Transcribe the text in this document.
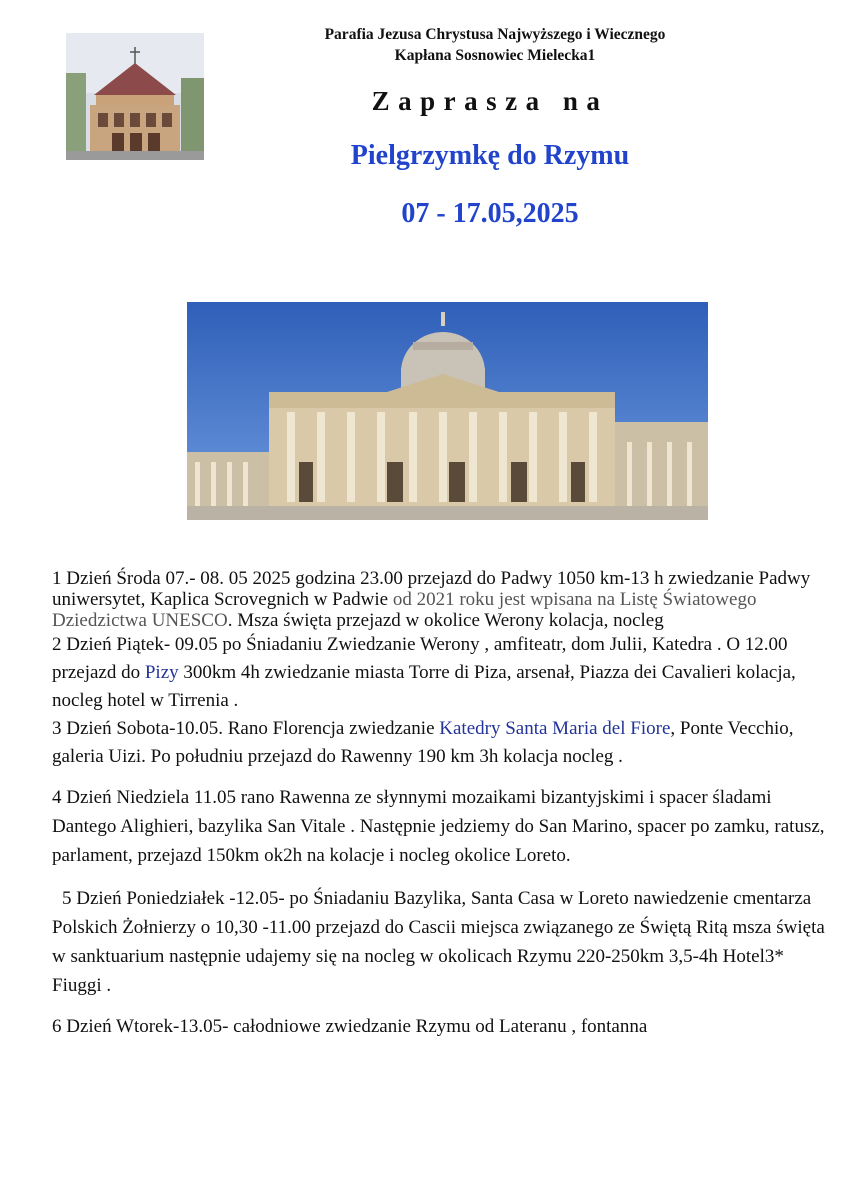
Parafia Jezusa Chrystusa Najwyższego i Wiecznego
Kapłana Sosnowiec Mielecka1
Zaprasza na
Pielgrzymkę do Rzymu
07 - 17.05,2025

1 Dzień Środa 07.- 08. 05 2025 godzina 23.00 przejazd do Padwy 1050 km-13 h zwiedzanie Padwy uniwersytet, Kaplica Scrovegnich w Padwie od 2021 roku jest wpisana na Listę Światowego Dziedzictwa UNESCO. Msza święta przejazd w okolice Werony kolacja, nocleg

2 Dzień Piątek- 09.05 po Śniadaniu Zwiedzanie Werony , amfiteatr, dom Julii, Katedra . O 12.00 przejazd do Pizy 300km 4h zwiedzanie miasta Torre di Piza, arsenał, Piazza dei Cavalieri kolacja, nocleg hotel w Tirrenia .

3 Dzień Sobota-10.05. Rano Florencja zwiedzanie Katedry Santa Maria del Fiore, Ponte Vecchio, galeria Uizi. Po południu przejazd do Rawenny 190 km 3h kolacja nocleg .

4 Dzień Niedziela 11.05 rano Rawenna ze słynnymi mozaikami bizantyjskimi i spacer śladami Dantego Alighieri, bazylika San Vitale . Następnie jedziemy do San Marino, spacer po zamku, ratusz, parlament, przejazd 150km ok2h na kolacje i nocleg okolice Loreto.

5 Dzień Poniedziałek -12.05- po Śniadaniu Bazylika, Santa Casa w Loreto nawiedzenie cmentarza Polskich Żołnierzy o 10,30 -11.00 przejazd do Cascii miejsca związanego ze Świętą Ritą msza święta w sanktuarium następnie udajemy się na nocleg w okolicach Rzymu 220-250km 3,5-4h Hotel3* Fiuggi .

6 Dzień Wtorek-13.05- całodniowe zwiedzanie Rzymu od Lateranu , fontanna
